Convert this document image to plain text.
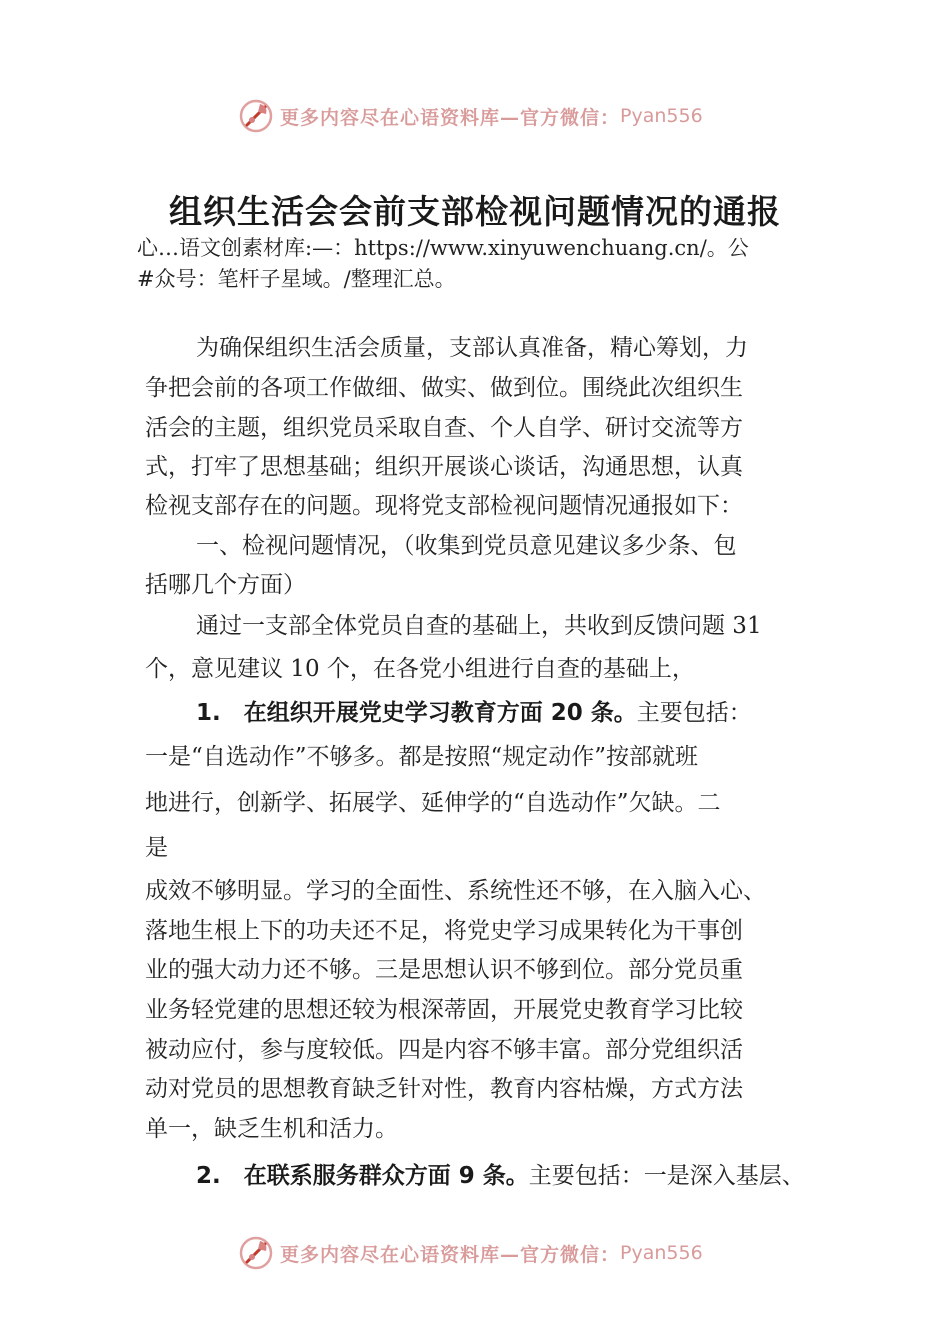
更多内容尽在心语资料库—官方微信： Pyan556
组织生活会会前支部检视问题情况的通报
心…语文创素材库:—：https://www.xinyuwenchuang.cn/。公
#众号：笔杆子星域。/整理汇总。
为确保组织生活会质量，支部认真准备，精心筹划，力
争把会前的各项工作做细、做实、做到位。围绕此次组织生
活会的主题，组织党员采取自查、个人自学、研讨交流等方
式，打牢了思想基础；组织开展谈心谈话，沟通思想，认真
检视支部存在的问题。现将党支部检视问题情况通报如下：
一、检视问题情况，（收集到党员意见建议多少条、包
括哪几个方面）
通过一支部全体党员自查的基础上，共收到反馈问题 31
个，意见建议 10 个，在各党小组进行自查的基础上，
1.　在组织开展党史学习教育方面 20 条。主要包括：
一是“自选动作”不够多。都是按照“规定动作”按部就班
地进行，创新学、拓展学、延伸学的“自选动作”欠缺。二
是
成效不够明显。学习的全面性、系统性还不够，在入脑入心、
落地生根上下的功夫还不足，将党史学习成果转化为干事创
业的强大动力还不够。三是思想认识不够到位。部分党员重
业务轻党建的思想还较为根深蒂固，开展党史教育学习比较
被动应付，参与度较低。四是内容不够丰富。部分党组织活
动对党员的思想教育缺乏针对性，教育内容枯燥，方式方法
单一，缺乏生机和活力。
2.　在联系服务群众方面 9 条。主要包括：一是深入基层、
更多内容尽在心语资料库—官方微信： Pyan556
